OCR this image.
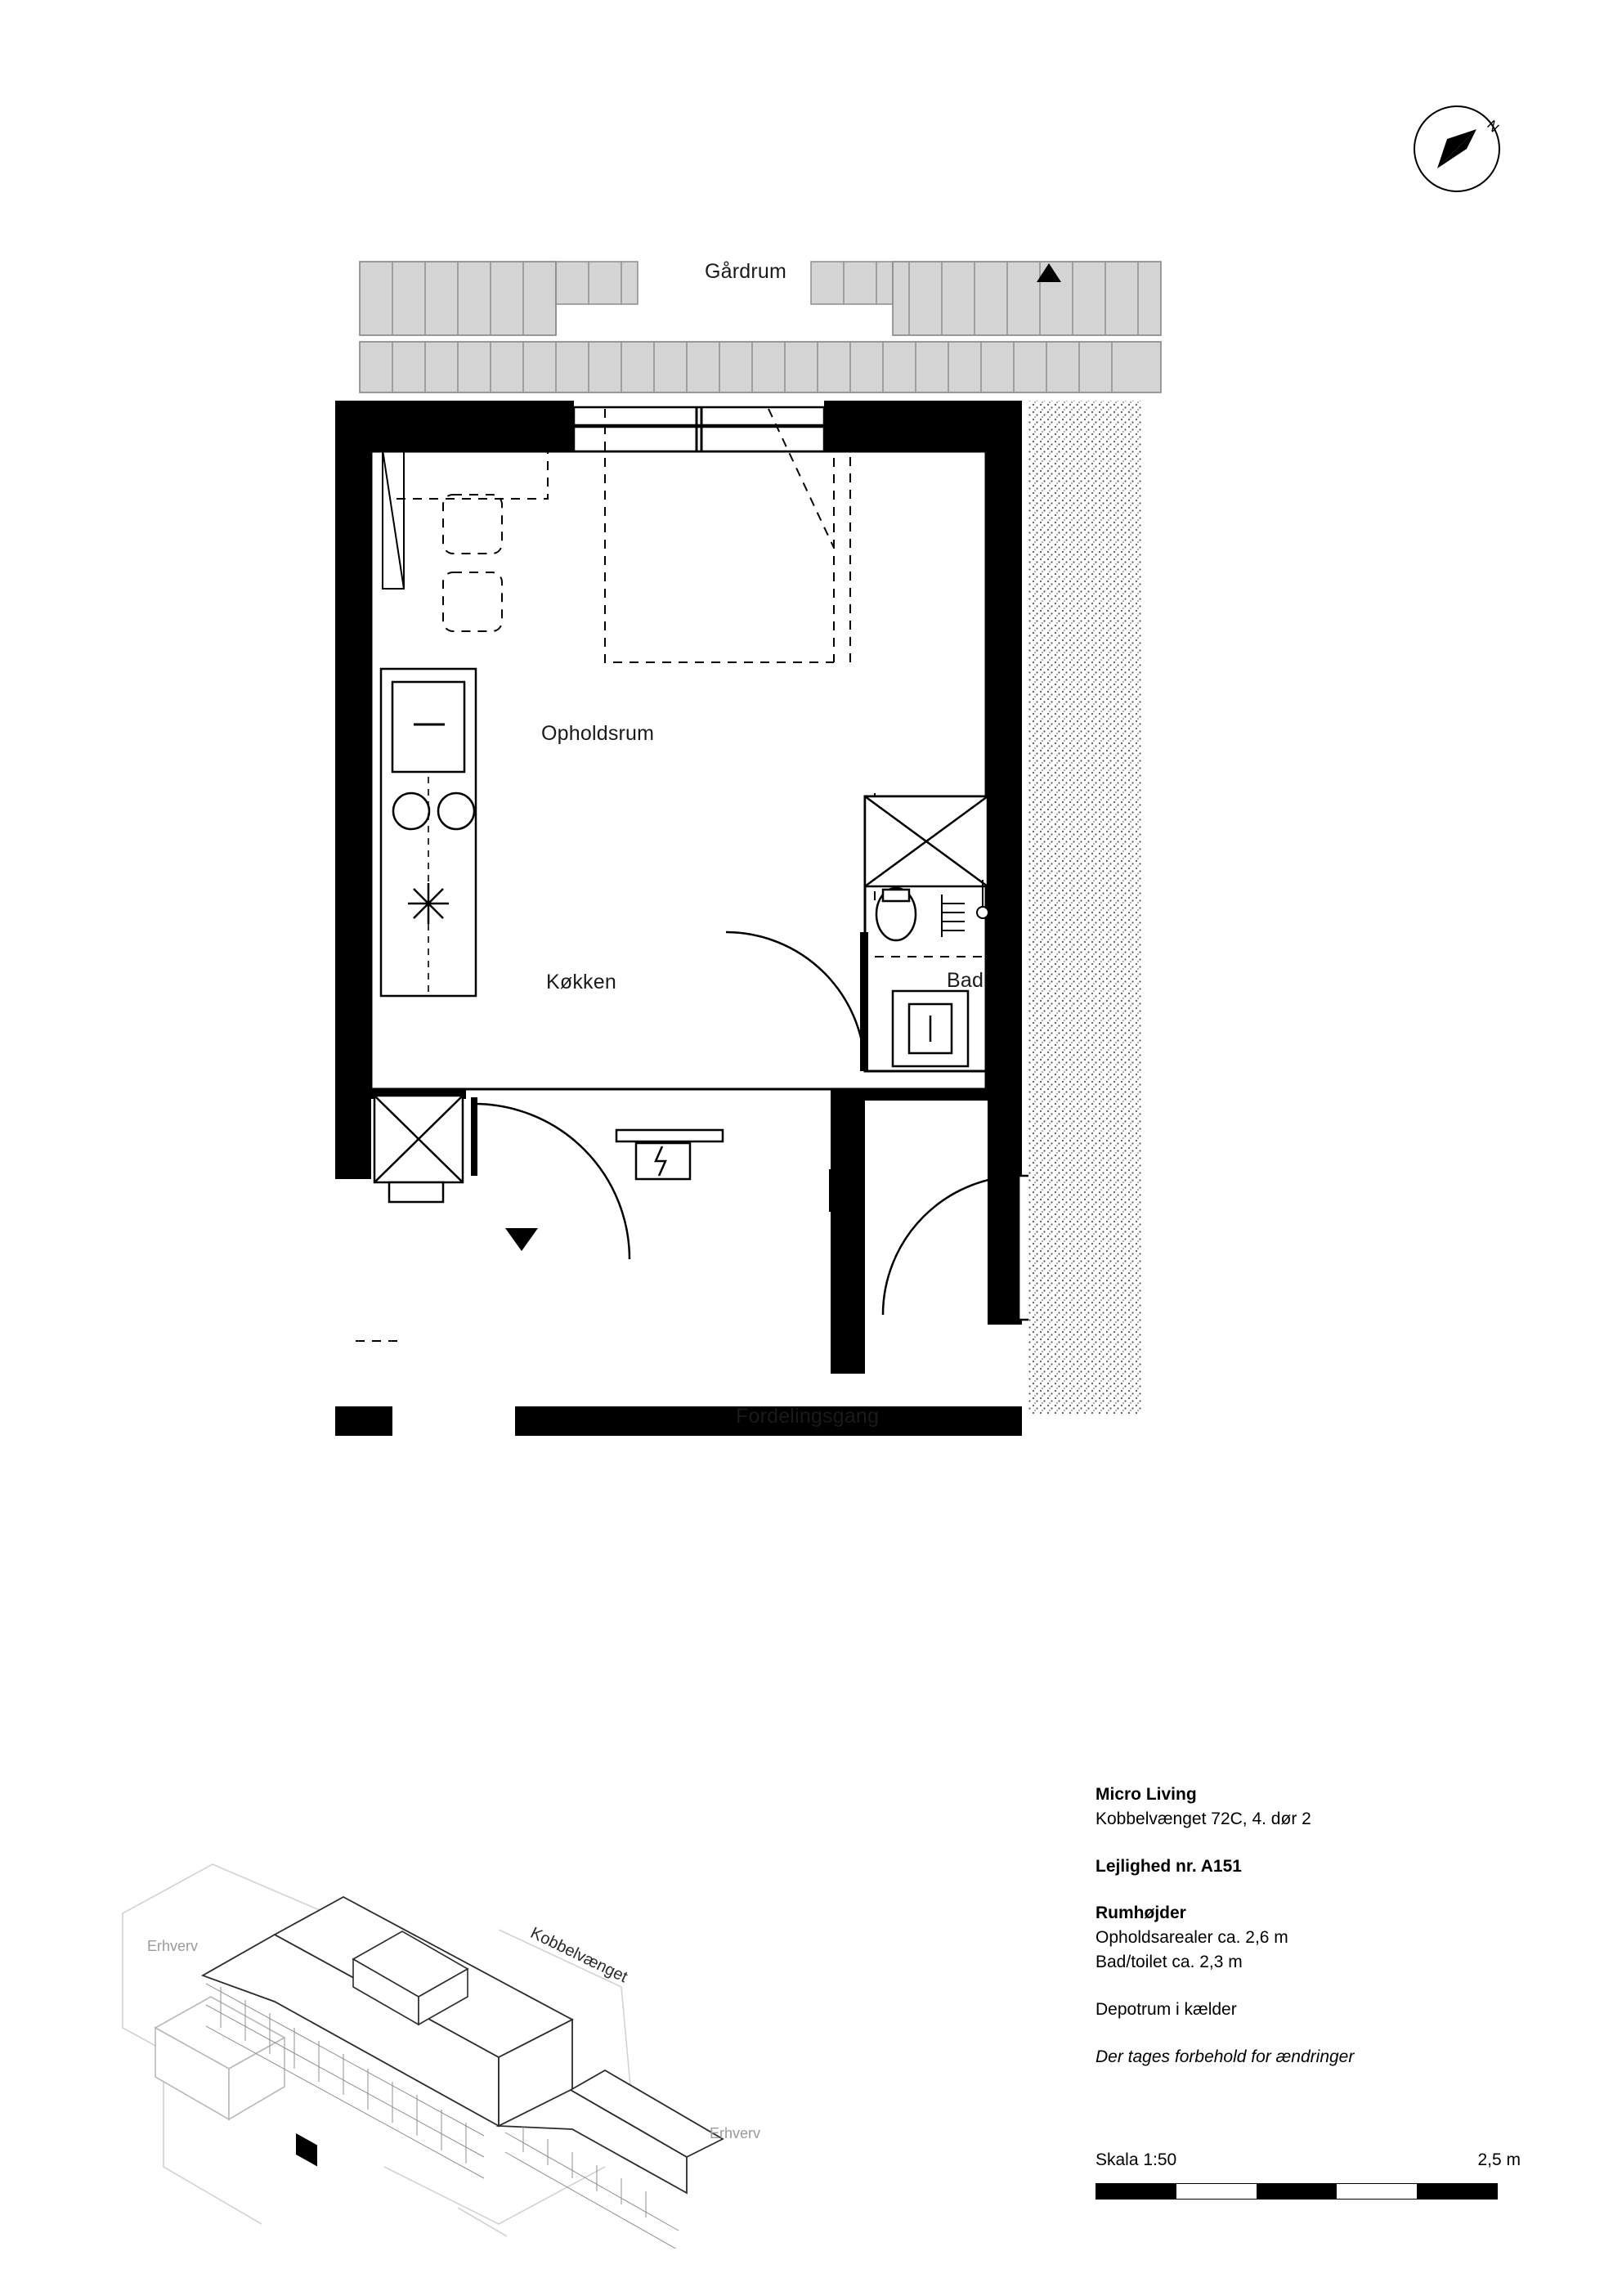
N
Gårdrum
Opholdsrum
Køkken	Bad
Fordelingsgang
Erhverv
Erhverv
Kobbelvænget
Micro Living
Kobbelvænget 72C, 4. dør 2
Lejlighed nr. A151
Rumhøjder
Opholdsarealer ca. 2,6 m
Bad/toilet ca. 2,3 m
Depotrum i kælder
Der tages forbehold for ændringer
Skala 1:50	2,5 m
